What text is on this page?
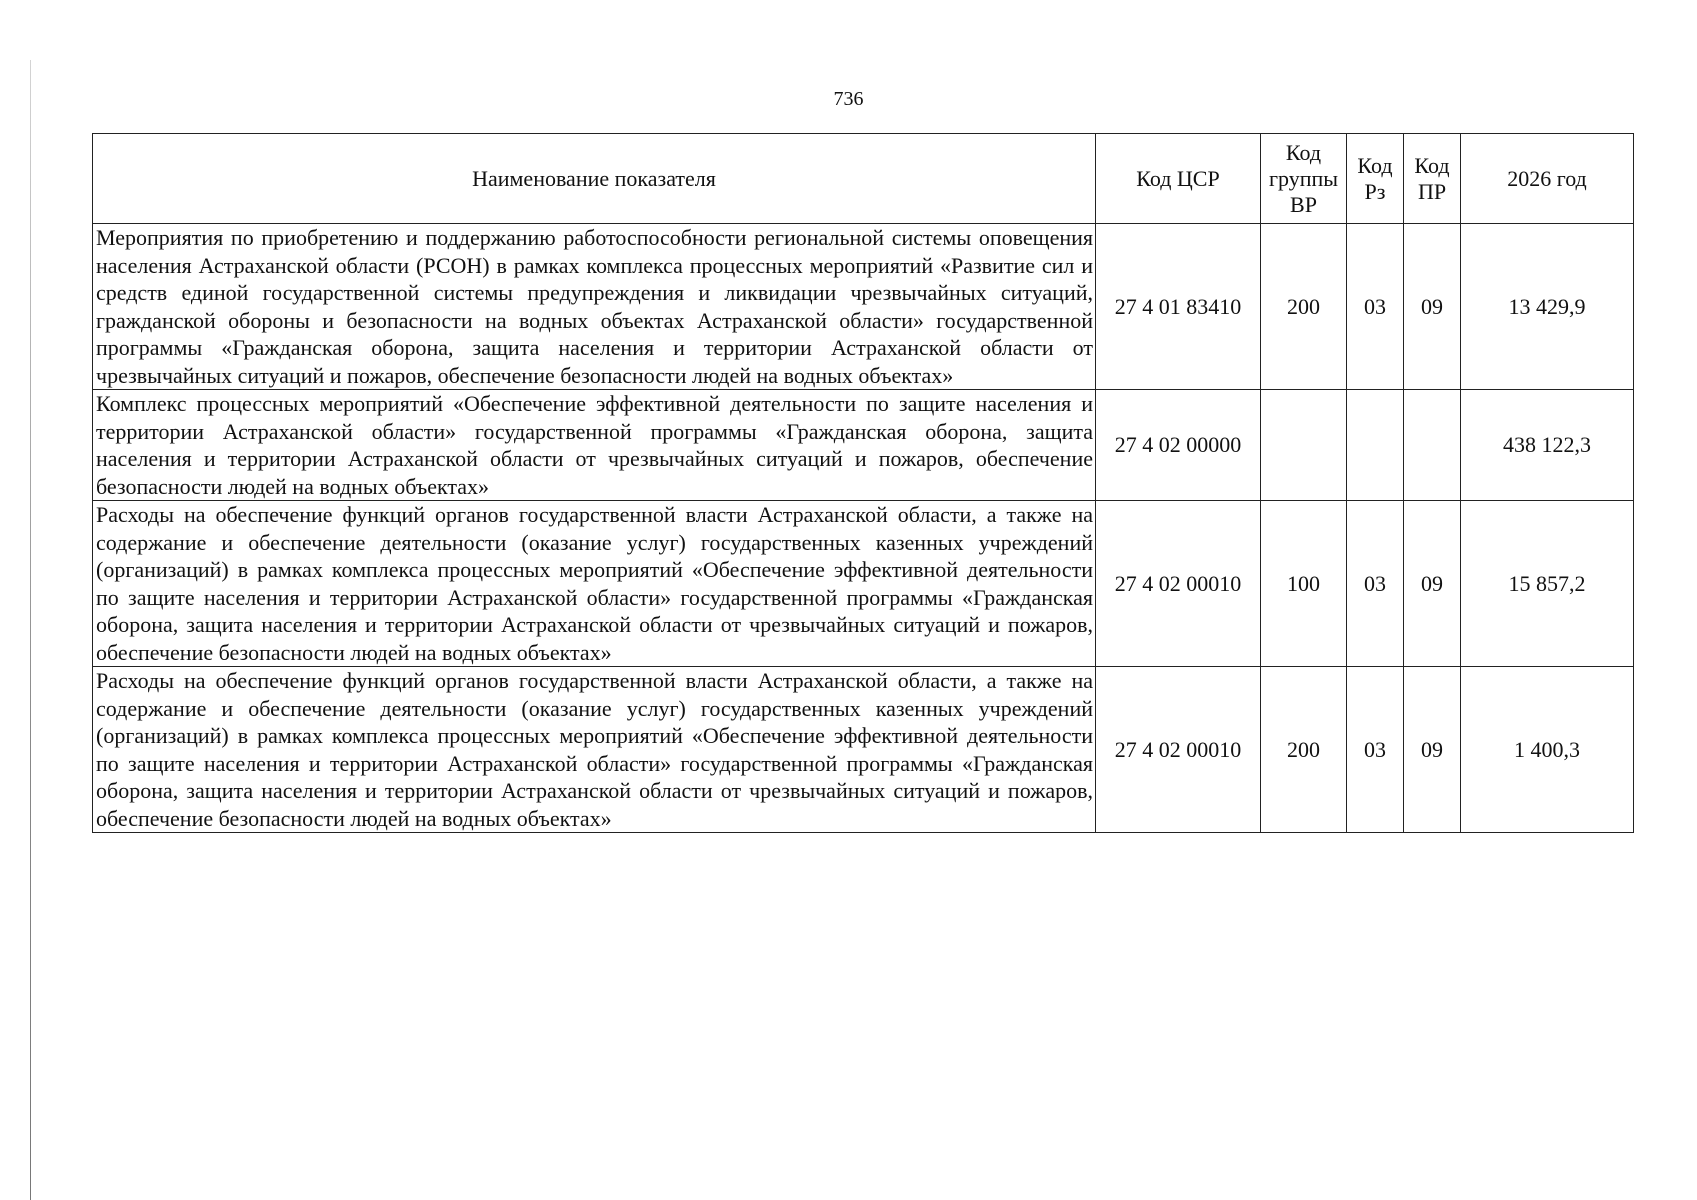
736
Наименование показателя	Код ЦСР	Код группы ВР	Код Рз	Код ПР	2026 год
Мероприятия по приобретению и поддержанию работоспособности региональной системы оповещения населения Астраханской области (РСОН) в рамках комплекса процессных мероприятий «Развитие сил и средств единой государственной системы предупреждения и ликвидации чрезвычайных ситуаций, гражданской обороны и безопасности на водных объектах Астраханской области» государственной программы «Гражданская оборона, защита населения и территории Астраханской области от чрезвычайных ситуаций и пожаров, обеспечение безопасности людей на водных объектах»	27 4 01 83410	200	03	09	13 429,9
Комплекс процессных мероприятий «Обеспечение эффективной деятельности по защите населения и территории Астраханской области» государственной программы «Гражданская оборона, защита населения и территории Астраханской области от чрезвычайных ситуаций и пожаров, обеспечение безопасности людей на водных объектах»	27 4 02 00000				438 122,3
Расходы на обеспечение функций органов государственной власти Астраханской области, а также на содержание и обеспечение деятельности (оказание услуг) государственных казенных учреждений (организаций) в рамках комплекса процессных мероприятий «Обеспечение эффективной деятельности по защите населения и территории Астраханской области» государственной программы «Гражданская оборона, защита населения и территории Астраханской области от чрезвычайных ситуаций и пожаров, обеспечение безопасности людей на водных объектах»	27 4 02 00010	100	03	09	15 857,2
Расходы на обеспечение функций органов государственной власти Астраханской области, а также на содержание и обеспечение деятельности (оказание услуг) государственных казенных учреждений (организаций) в рамках комплекса процессных мероприятий «Обеспечение эффективной деятельности по защите населения и территории Астраханской области» государственной программы «Гражданская оборона, защита населения и территории Астраханской области от чрезвычайных ситуаций и пожаров, обеспечение безопасности людей на водных объектах»	27 4 02 00010	200	03	09	1 400,3
